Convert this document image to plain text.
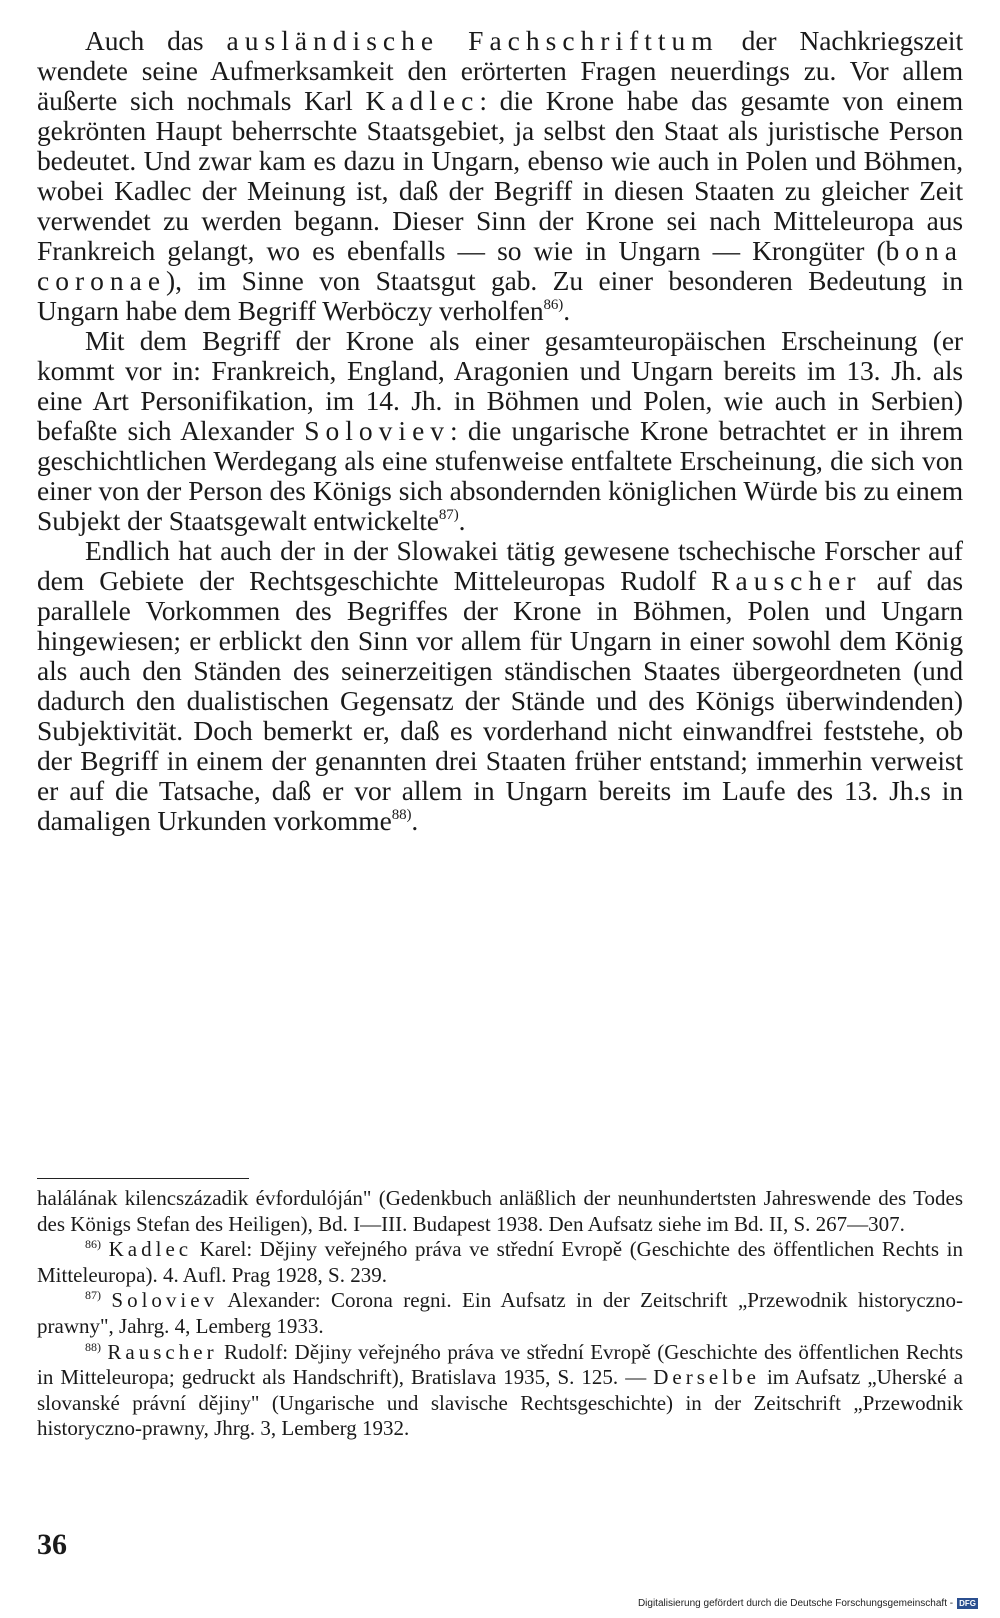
Auch das ausländische Fachschrifttum der Nachkriegszeit wendete seine Aufmerksamkeit den erörterten Fragen neuerdings zu. Vor allem äußerte sich nochmals Karl Kadlec: die Krone habe das gesamte von einem gekrönten Haupt beherrschte Staatsgebiet, ja selbst den Staat als juristische Person bedeutet. Und zwar kam es dazu in Ungarn, ebenso wie auch in Polen und Böhmen, wobei Kadlec der Meinung ist, daß der Begriff in diesen Staaten zu gleicher Zeit verwendet zu werden begann. Dieser Sinn der Krone sei nach Mitteleuropa aus Frankreich gelangt, wo es ebenfalls — so wie in Ungarn — Krongüter (bona coronae), im Sinne von Staatsgut gab. Zu einer besonderen Bedeutung in Ungarn habe dem Begriff Werböczy verholfen$^{86)}$.

Mit dem Begriff der Krone als einer gesamteuropäischen Erscheinung (er kommt vor in: Frankreich, England, Aragonien und Ungarn bereits im 13. Jh. als eine Art Personifikation, im 14. Jh. in Böhmen und Polen, wie auch in Serbien) befaßte sich Alexander Soloviev: die ungarische Krone betrachtet er in ihrem geschichtlichen Werdegang als eine stufenweise entfaltete Erscheinung, die sich von einer von der Person des Königs sich absondernden königlichen Würde bis zu einem Subjekt der Staatsgewalt entwickelte$^{87)}$.

Endlich hat auch der in der Slowakei tätig gewesene tschechische Forscher auf dem Gebiete der Rechtsgeschichte Mitteleuropas Rudolf Rauscher auf das parallele Vorkommen des Begriffes der Krone in Böhmen, Polen und Ungarn hingewiesen; er erblickt den Sinn vor allem für Ungarn in einer sowohl dem König als auch den Ständen des seinerzeitigen ständischen Staates übergeordneten (und dadurch den dualistischen Gegensatz der Stände und des Königs überwindenden) Subjektivität. Doch bemerkt er, daß es vorderhand nicht einwandfrei feststehe, ob der Begriff in einem der genannten drei Staaten früher entstand; immerhin verweist er auf die Tatsache, daß er vor allem in Ungarn bereits im Laufe des 13. Jh.s in damaligen Urkunden vorkomme$^{88)}$.

halálának kilencszázadik évfordulóján" (Gedenkbuch anläßlich der neunhundertsten Jahreswende des Todes des Königs Stefan des Heiligen), Bd. I—III. Budapest 1938. Den Aufsatz siehe im Bd. II, S. 267—307.

$^{86)}$ Kadlec Karel: Dějiny veřejného práva ve střední Evropě (Geschichte des öffentlichen Rechts in Mitteleuropa). 4. Aufl. Prag 1928, S. 239.

$^{87)}$ Soloviev Alexander: Corona regni. Ein Aufsatz in der Zeitschrift „Przewodnik historyczno-prawny", Jahrg. 4, Lemberg 1933.

$^{88)}$ Rauscher Rudolf: Dějiny veřejného práva ve střední Evropě (Geschichte des öffentlichen Rechts in Mitteleuropa; gedruckt als Handschrift), Bratislava 1935, S. 125. — Derselbe im Aufsatz „Uherské a slovanské právní dějiny" (Ungarische und slavische Rechtsgeschichte) in der Zeitschrift „Przewodnik historyczno-prawny, Jhrg. 3, Lemberg 1932.

36
Digitalisierung gefördert durch die Deutsche Forschungsgemeinschaft - DFG
